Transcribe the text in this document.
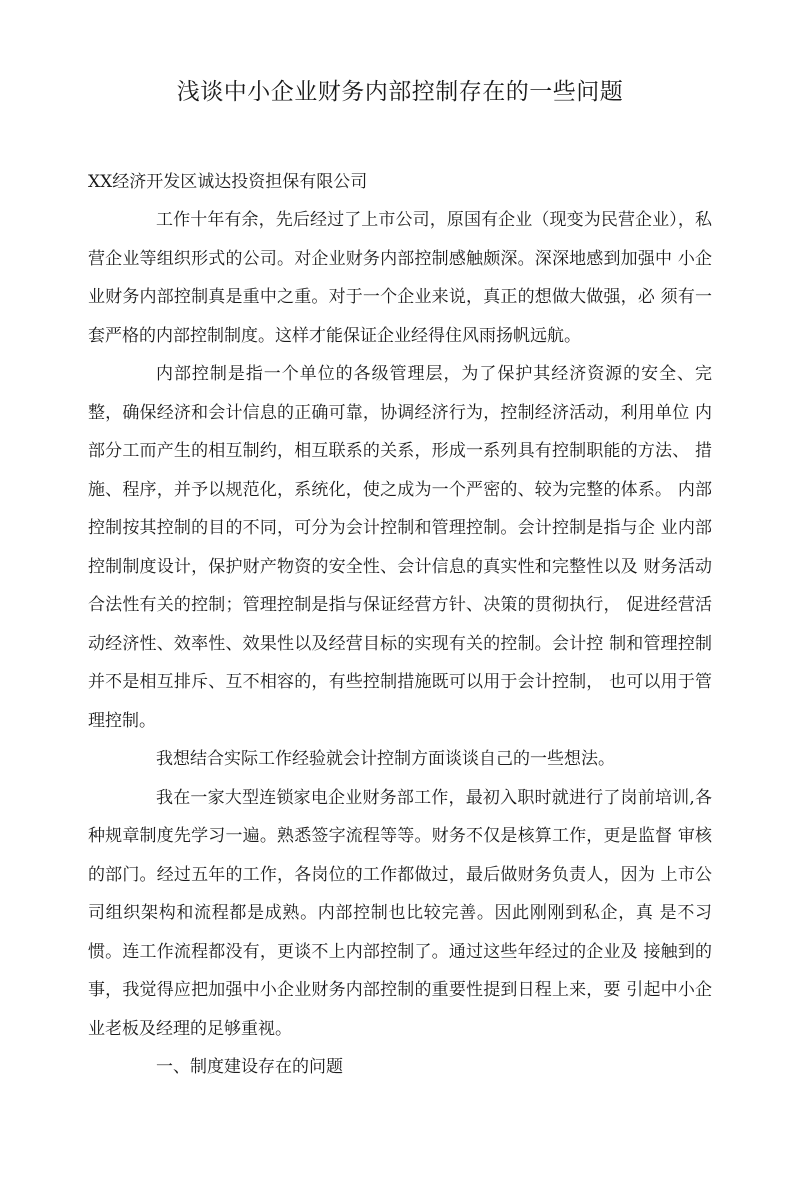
浅谈中小企业财务内部控制存在的一些问题
XX经济开发区诚达投资担保有限公司

工作十年有余，先后经过了上市公司，原国有企业（现变为民营企业），私营企业等组织形式的公司。对企业财务内部控制感触颇深。深深地感到加强中 小企业财务内部控制真是重中之重。对于一个企业来说，真正的想做大做强，必 须有一套严格的内部控制制度。这样才能保证企业经得住风雨扬帆远航。

内部控制是指一个单位的各级管理层，为了保护其经济资源的安全、完 整，确保经济和会计信息的正确可靠，协调经济行为，控制经济活动，利用单位 内部分工而产生的相互制约，相互联系的关系，形成一系列具有控制职能的方法、 措施、程序，并予以规范化，系统化，使之成为一个严密的、较为完整的体系。 内部控制按其控制的目的不同，可分为会计控制和管理控制。会计控制是指与企 业内部控制制度设计，保护财产物资的安全性、会计信息的真实性和完整性以及 财务活动合法性有关的控制；管理控制是指与保证经营方针、决策的贯彻执行， 促进经营活动经济性、效率性、效果性以及经营目标的实现有关的控制。会计控 制和管理控制并不是相互排斥、互不相容的，有些控制措施既可以用于会计控制， 也可以用于管理控制。

我想结合实际工作经验就会计控制方面谈谈自己的一些想法。

我在一家大型连锁家电企业财务部工作，最初入职时就进行了岗前培训,各种规章制度先学习一遍。熟悉签字流程等等。财务不仅是核算工作，更是监督 审核的部门。经过五年的工作，各岗位的工作都做过，最后做财务负责人，因为 上市公司组织架构和流程都是成熟。内部控制也比较完善。因此刚刚到私企，真 是不习惯。连工作流程都没有，更谈不上内部控制了。通过这些年经过的企业及 接触到的事，我觉得应把加强中小企业财务内部控制的重要性提到日程上来，要 引起中小企业老板及经理的足够重视。

一、制度建设存在的问题
